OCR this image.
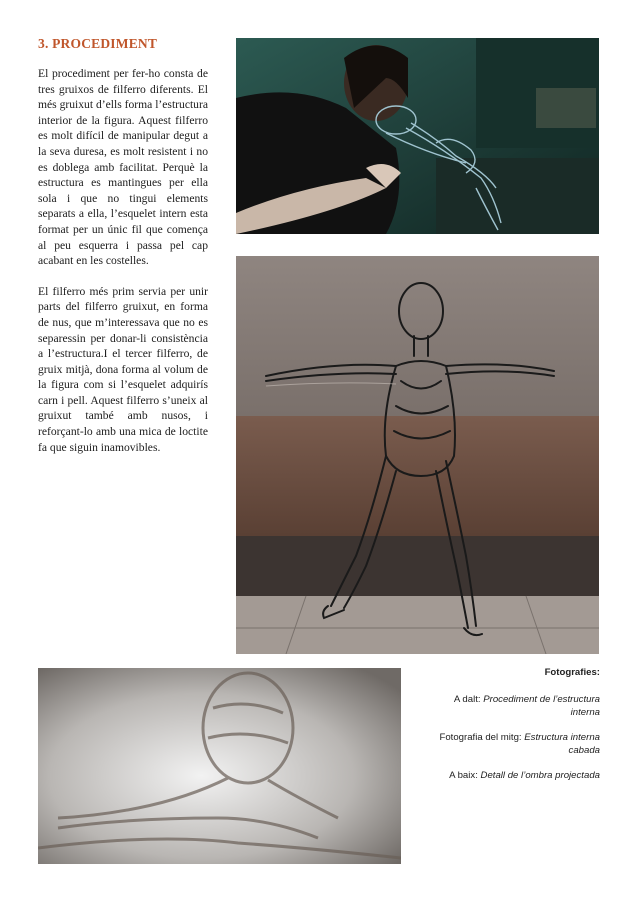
3. PROCEDIMENT

El procediment per fer-ho consta de tres gruixos de filferro diferents. El més gruixut d’ells forma l’estructura interior de la figura. Aquest filferro es molt difícil de manipular degut a la seva duresa, es molt resistent i no es doblega amb facilitat. Perquè la estructura es mantingues per ella sola i que no tingui elements separats a ella, l’esquelet intern esta format per un únic fil que comença al peu esquerra i passa pel cap acabant en les costelles.

El filferro més prim servia per unir parts del filferro gruixut, en forma de nus, que m’interessava que no es separessin per donar-li consistència a l’estructura.I el tercer filferro, de gruix mitjà, dona forma al volum de la figura com si l’esquelet adquirís carn i pell. Aquest filferro s’uneix al gruixut també amb nusos, i reforçant-lo amb una mica de loctite fa que siguin inamovibles.

Fotografies:

A dalt: Procediment de l’estructura interna

Fotografia del mitg: Estructura interna cabada

A baix: Detall de l’ombra projectada
